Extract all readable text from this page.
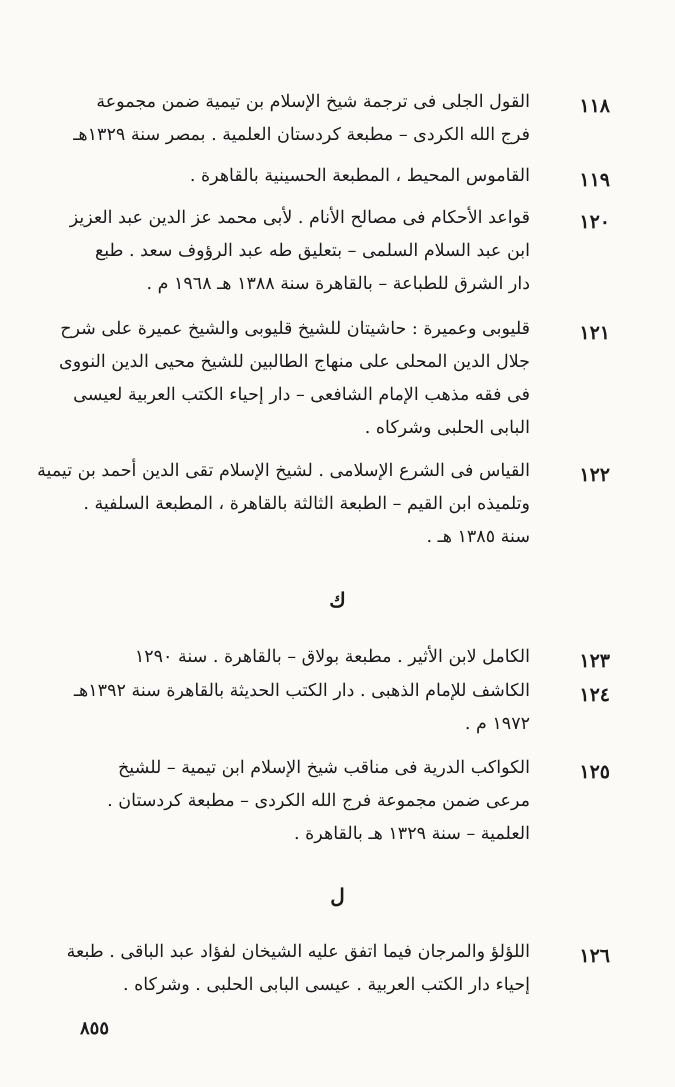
١١٨
القول الجلى فى ترجمة شيخ الإسلام بن تيمية ضمن مجموعة
فرج الله الكردى – مطبعة كردستان العلمية . بمصر سنة ١٣٢٩هـ
١١٩
القاموس المحيط ، المطبعة الحسينية بالقاهرة .
١٢٠
قواعد الأحكام فى مصالح الأنام . لأبى محمد عز الدين عبد العزيز
ابن عبد السلام السلمى – بتعليق طه عبد الرؤوف سعد . طبع
دار الشرق للطباعة – بالقاهرة سنة ١٣٨٨ هـ ١٩٦٨ م .
١٢١
قليوبى وعميرة : حاشيتان للشيخ قليوبى والشيخ عميرة على شرح
جلال الدين المحلى على منهاج الطالبين للشيخ محيى الدين النووى
فى فقه مذهب الإمام الشافعى – دار إحياء الكتب العربية لعيسى
البابى الحلبى وشركاه .
١٢٢
القياس فى الشرع الإسلامى . لشيخ الإسلام تقى الدين أحمد بن تيمية
وتلميذه ابن القيم – الطبعة الثالثة بالقاهرة ، المطبعة السلفية .
سنة ١٣٨٥ هـ .
ك
١٢٣
الكامل لابن الأثير . مطبعة بولاق – بالقاهرة . سنة ١٢٩٠
١٢٤
الكاشف للإمام الذهبى . دار الكتب الحديثة بالقاهرة سنة ١٣٩٢هـ
١٩٧٢ م .
١٢٥
الكواكب الدرية فى مناقب شيخ الإسلام ابن تيمية – للشيخ
مرعى ضمن مجموعة فرج الله الكردى – مطبعة كردستان .
العلمية – سنة ١٣٢٩ هـ بالقاهرة .
ل
١٢٦
اللؤلؤ والمرجان فيما اتفق عليه الشيخان لفؤاد عبد الباقى . طبعة
إحياء دار الكتب العربية . عيسى البابى الحلبى . وشركاه .
٨٥٥
